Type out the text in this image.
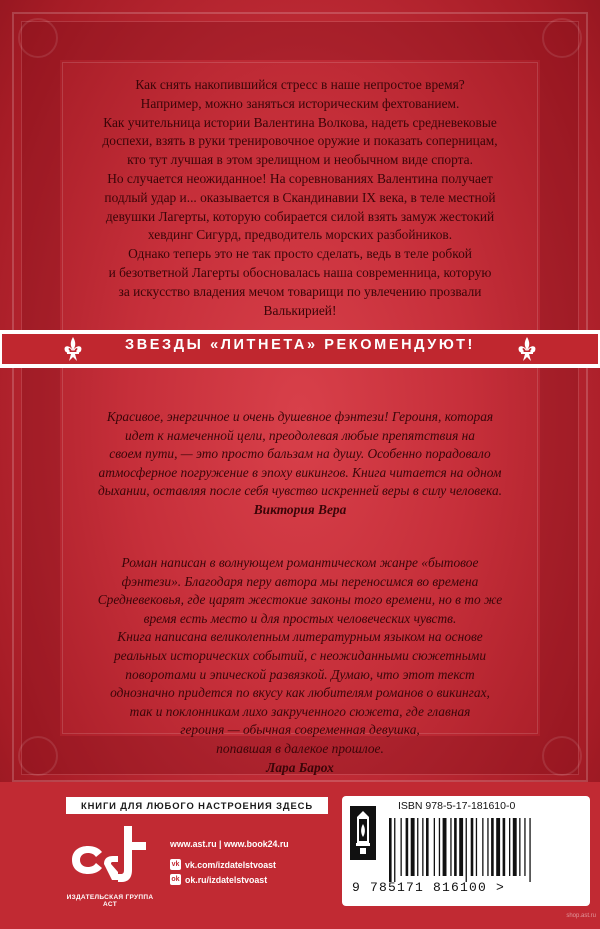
Как снять накопившийся стресс в наше непростое время?

Например, можно заняться историческим фехтованием.

Как учительница истории Валентина Волкова, надеть средневековые

доспехи, взять в руки тренировочное оружие и показать соперницам,

кто тут лучшая в этом зрелищном и необычном виде спорта.

Но случается неожиданное! На соревнованиях Валентина получает

подлый удар и... оказывается в Скандинавии IX века, в теле местной

девушки Лагерты, которую собирается силой взять замуж жестокий

хевдинг Сигурд, предводитель морских разбойников.

Однако теперь это не так просто сделать, ведь в теле робкой

и безответной Лагерты обосновалась наша современница, которую

за искусство владения мечом товарищи по увлечению прозвали

Валькирией!

ЗВЕЗДЫ «ЛИТНЕТА» РЕКОМЕНДУЮТ!

Красивое, энергичное и очень душевное фэнтези! Героиня, которая

идет к намеченной цели, преодолевая любые препятствия на

своем пути, — это просто бальзам на душу. Особенно порадовало

атмосферное погружение в эпоху викингов. Книга читается на одном

дыхании, оставляя после себя чувство искренней веры в силу человека.

Виктория Вера

Роман написан в волнующем романтическом жанре «бытовое

фэнтези». Благодаря перу автора мы переносимся во времена

Средневековья, где царят жестокие законы того времени, но в то же

время есть место и для простых человеческих чувств.

Книга написана великолепным литературным языком на основе

реальных исторических событий, с неожиданными сюжетными

поворотами и эпической развязкой. Думаю, что этот текст

однозначно придется по вкусу как любителям романов о викингах,

так и поклонникам лихо закрученного сюжета, где главная

героиня — обычная современная девушка,

попавшая в далекое прошлое.

Лара Барох

КНИГИ ДЛЯ ЛЮБОГО НАСТРОЕНИЯ ЗДЕСЬ
ИЗДАТЕЛЬСКАЯ ГРУППА АСТ
www.ast.ru | www.book24.ru
vk vk.com/izdatelstvoast
ok ok.ru/izdatelstvoast
ISBN 978-5-17-181610-0
9 785171 816100 >
shop.ast.ru
